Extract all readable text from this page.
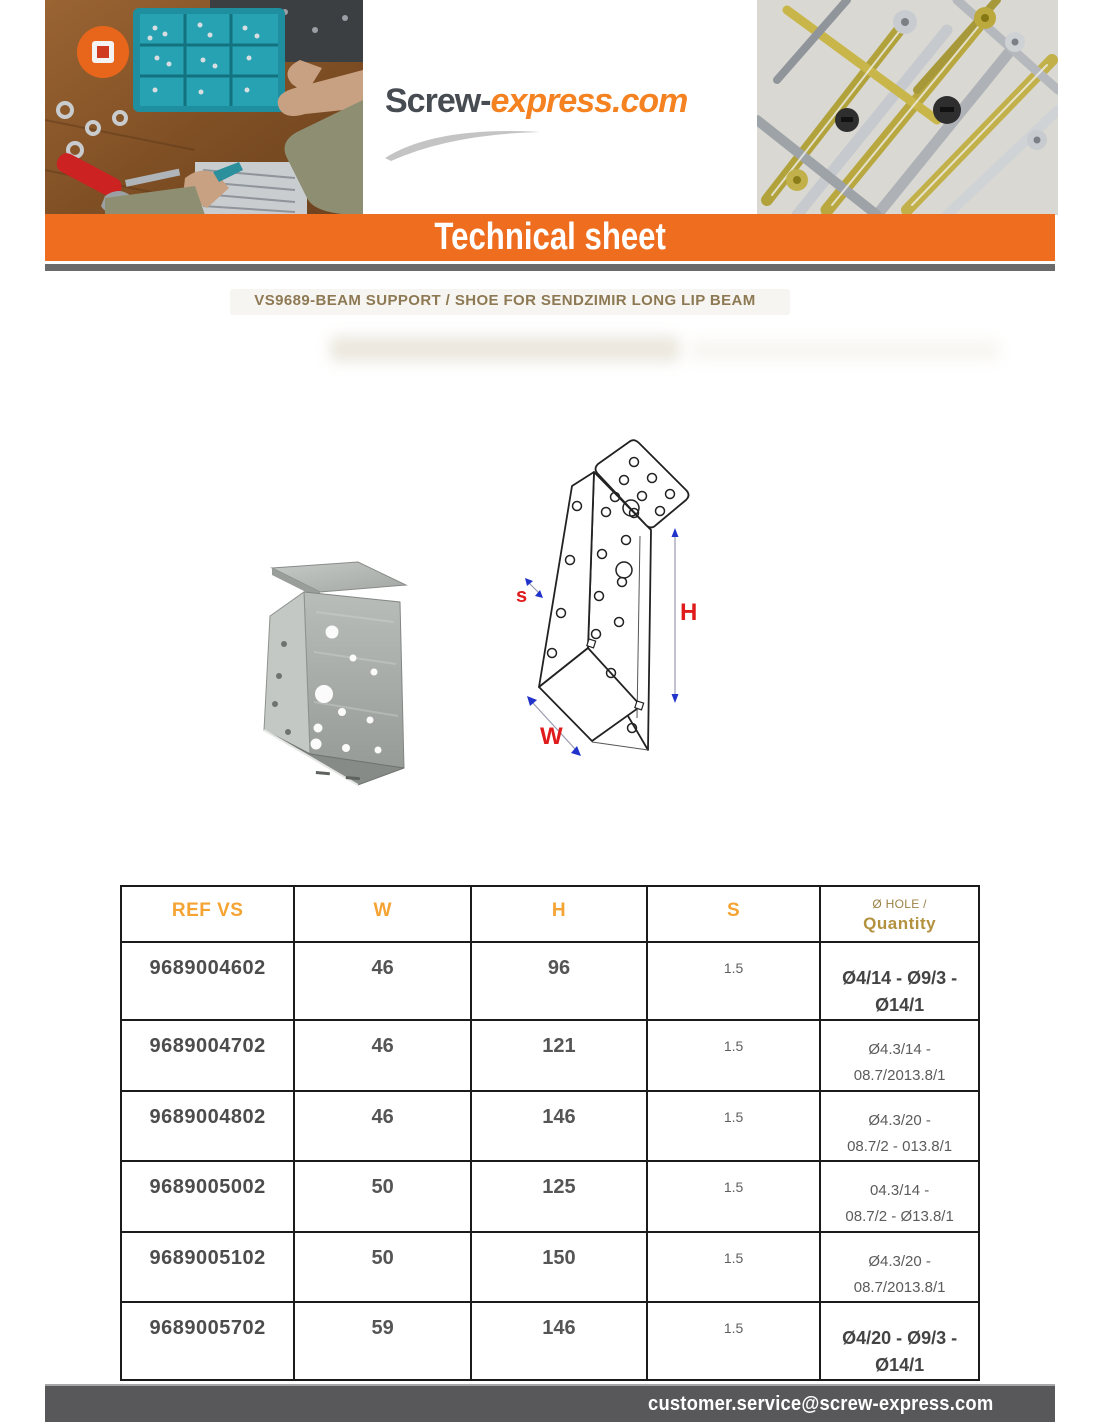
Screw-express.com
Technical sheet
VS9689-BEAM SUPPORT / SHOE FOR SENDZIMIR LONG LIP BEAM
H
W
s
REF VS	W	H	S	Ø HOLE /
Quantity

9689004602	46	96	1.5	Ø4/14 - Ø9/3 -
Ø14/1
9689004702	46	121	1.5	Ø4.3/14 -
08.7/2013.8/1
9689004802	46	146	1.5	Ø4.3/20 -
08.7/2 - 013.8/1
9689005002	50	125	1.5	04.3/14 -
08.7/2 - Ø13.8/1
9689005102	50	150	1.5	Ø4.3/20 -
08.7/2013.8/1
9689005702	59	146	1.5	Ø4/20 - Ø9/3 -
Ø14/1
customer.service@screw-express.com
